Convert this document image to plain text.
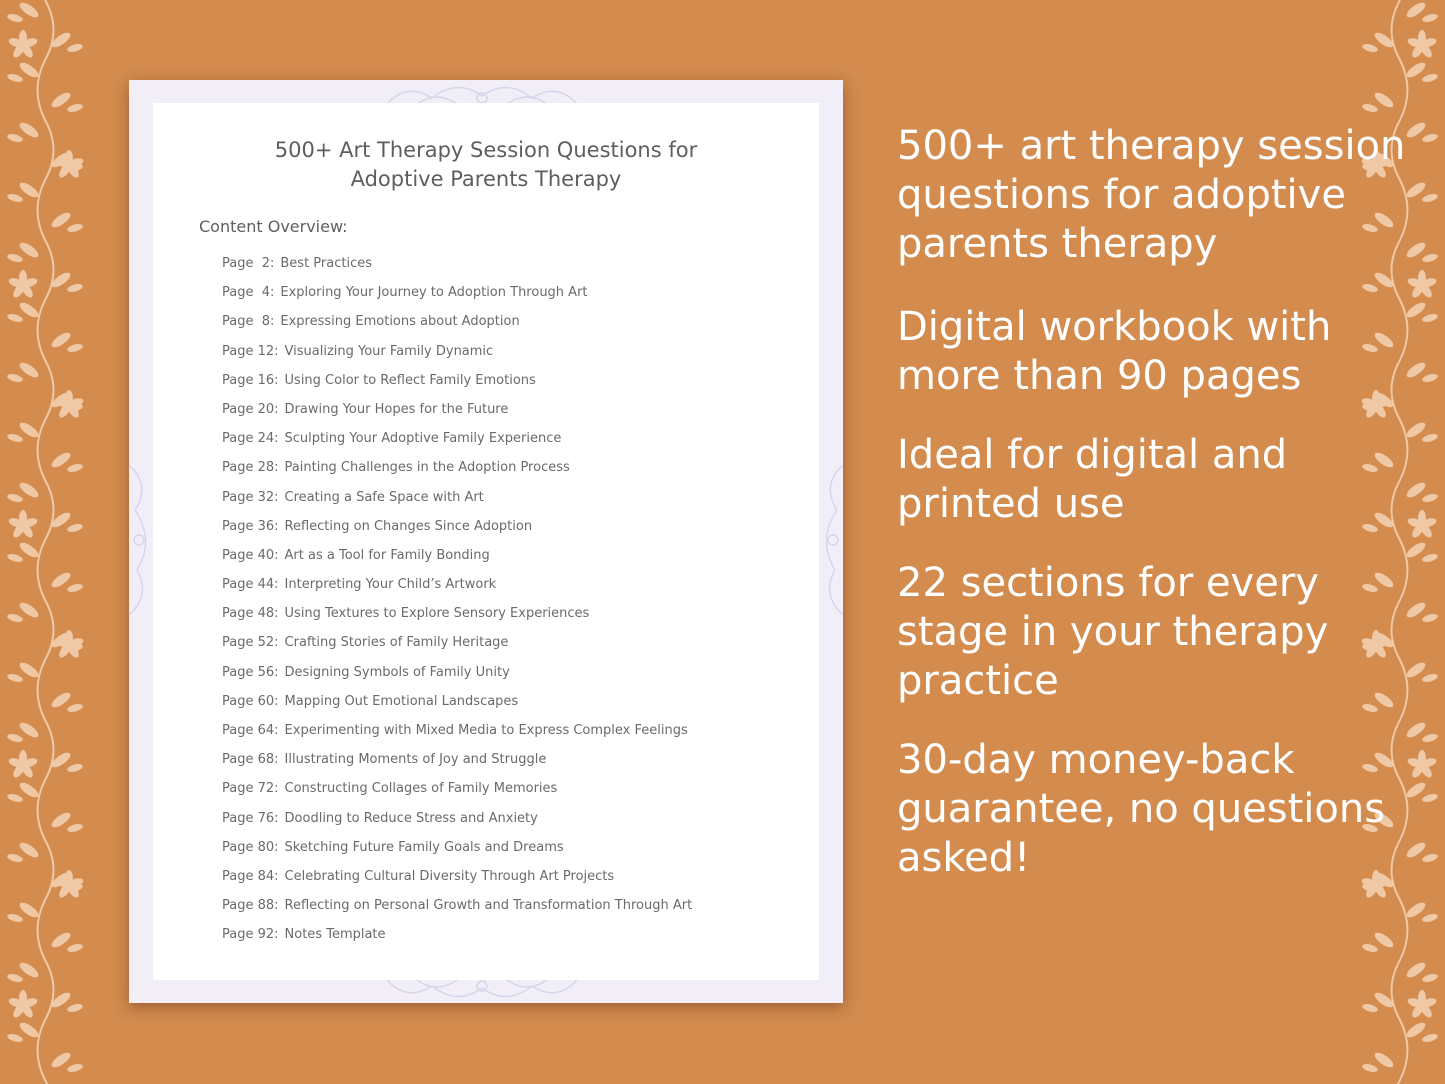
500+ Art Therapy Session Questions for
Adoptive Parents Therapy
Content Overview:
Page  2: Best Practices
Page  4: Exploring Your Journey to Adoption Through Art
Page  8: Expressing Emotions about Adoption
Page 12: Visualizing Your Family Dynamic
Page 16: Using Color to Reflect Family Emotions
Page 20: Drawing Your Hopes for the Future
Page 24: Sculpting Your Adoptive Family Experience
Page 28: Painting Challenges in the Adoption Process
Page 32: Creating a Safe Space with Art
Page 36: Reflecting on Changes Since Adoption
Page 40: Art as a Tool for Family Bonding
Page 44: Interpreting Your Child’s Artwork
Page 48: Using Textures to Explore Sensory Experiences
Page 52: Crafting Stories of Family Heritage
Page 56: Designing Symbols of Family Unity
Page 60: Mapping Out Emotional Landscapes
Page 64: Experimenting with Mixed Media to Express Complex Feelings
Page 68: Illustrating Moments of Joy and Struggle
Page 72: Constructing Collages of Family Memories
Page 76: Doodling to Reduce Stress and Anxiety
Page 80: Sketching Future Family Goals and Dreams
Page 84: Celebrating Cultural Diversity Through Art Projects
Page 88: Reflecting on Personal Growth and Transformation Through Art
Page 92: Notes Template
500+ art therapy session questions for adoptive parents therapy
Digital workbook with more than 90 pages
Ideal for digital and printed use
22 sections for every stage in your therapy practice
30-day money-back guarantee, no questions asked!
